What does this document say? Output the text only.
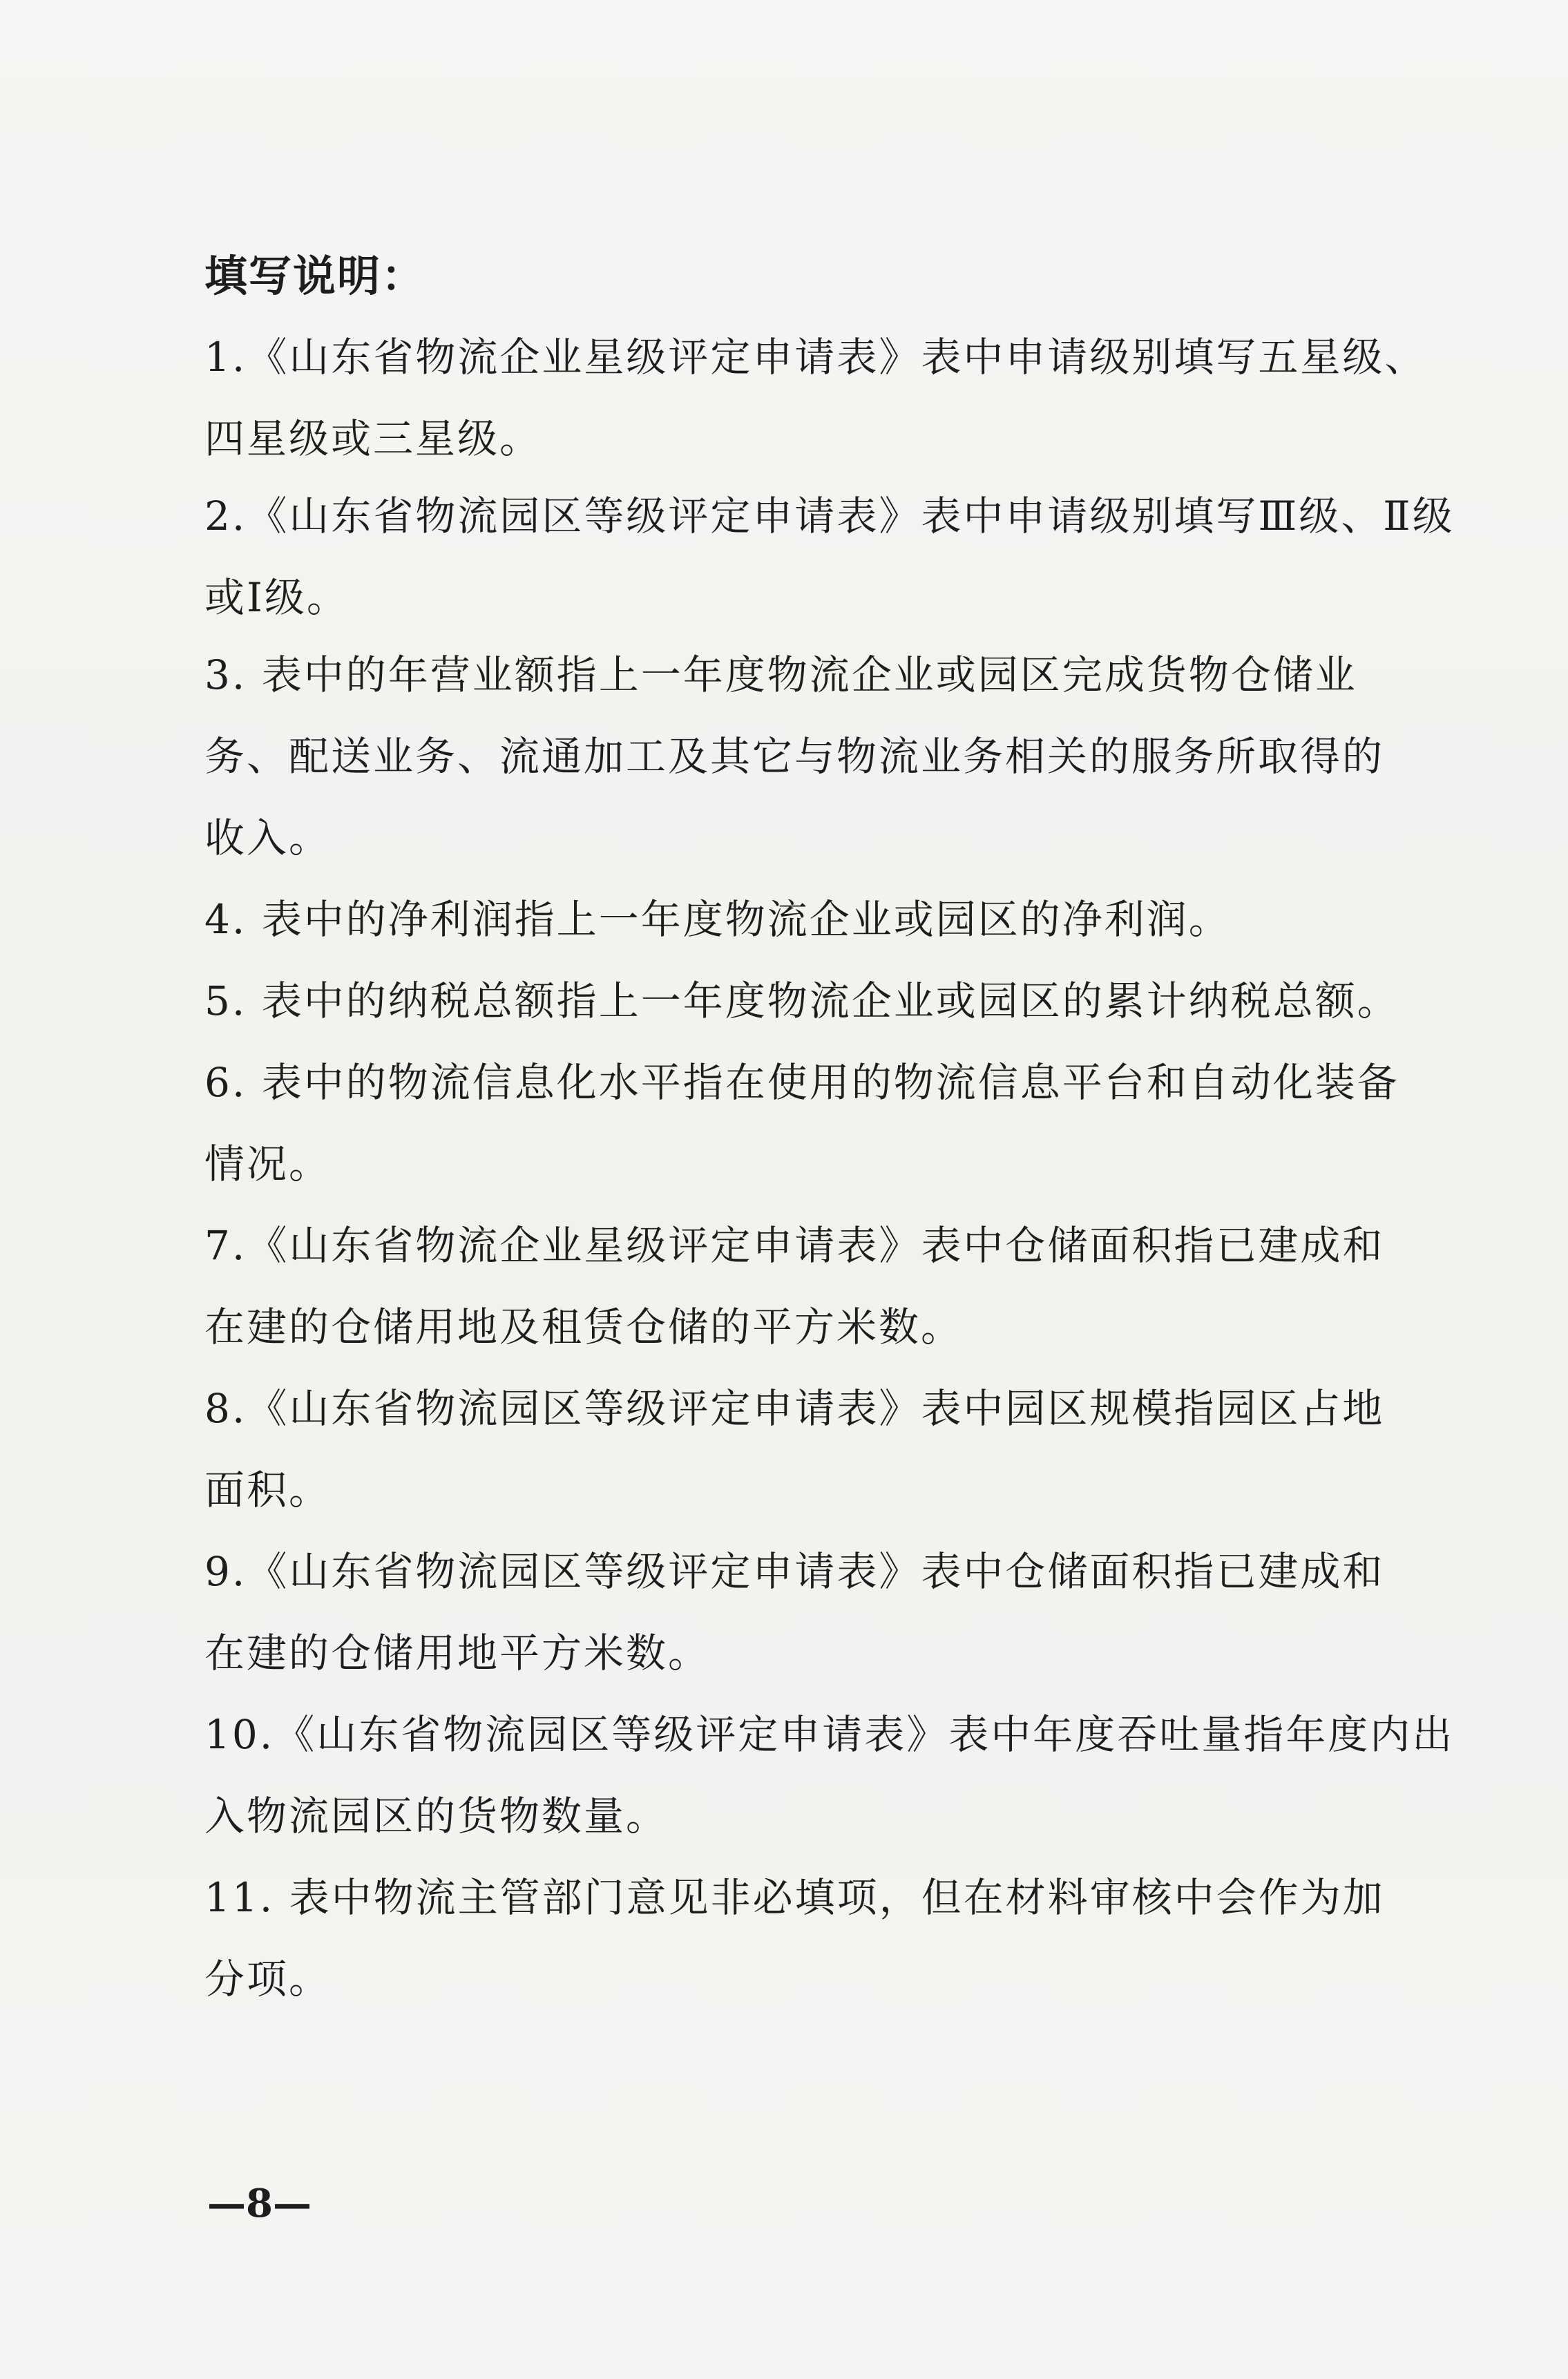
填写说明：
1.《山东省物流企业星级评定申请表》表中申请级别填写五星级、
四星级或三星级。
2.《山东省物流园区等级评定申请表》表中申请级别填写Ⅲ级、Ⅱ级
或Ⅰ级。
3. 表中的年营业额指上一年度物流企业或园区完成货物仓储业
务、配送业务、流通加工及其它与物流业务相关的服务所取得的
收入。
4. 表中的净利润指上一年度物流企业或园区的净利润。
5. 表中的纳税总额指上一年度物流企业或园区的累计纳税总额。
6. 表中的物流信息化水平指在使用的物流信息平台和自动化装备
情况。
7.《山东省物流企业星级评定申请表》表中仓储面积指已建成和
在建的仓储用地及租赁仓储的平方米数。
8.《山东省物流园区等级评定申请表》表中园区规模指园区占地
面积。
9.《山东省物流园区等级评定申请表》表中仓储面积指已建成和
在建的仓储用地平方米数。
10.《山东省物流园区等级评定申请表》表中年度吞吐量指年度内出
入物流园区的货物数量。
11. 表中物流主管部门意见非必填项，但在材料审核中会作为加
分项。
—8—
